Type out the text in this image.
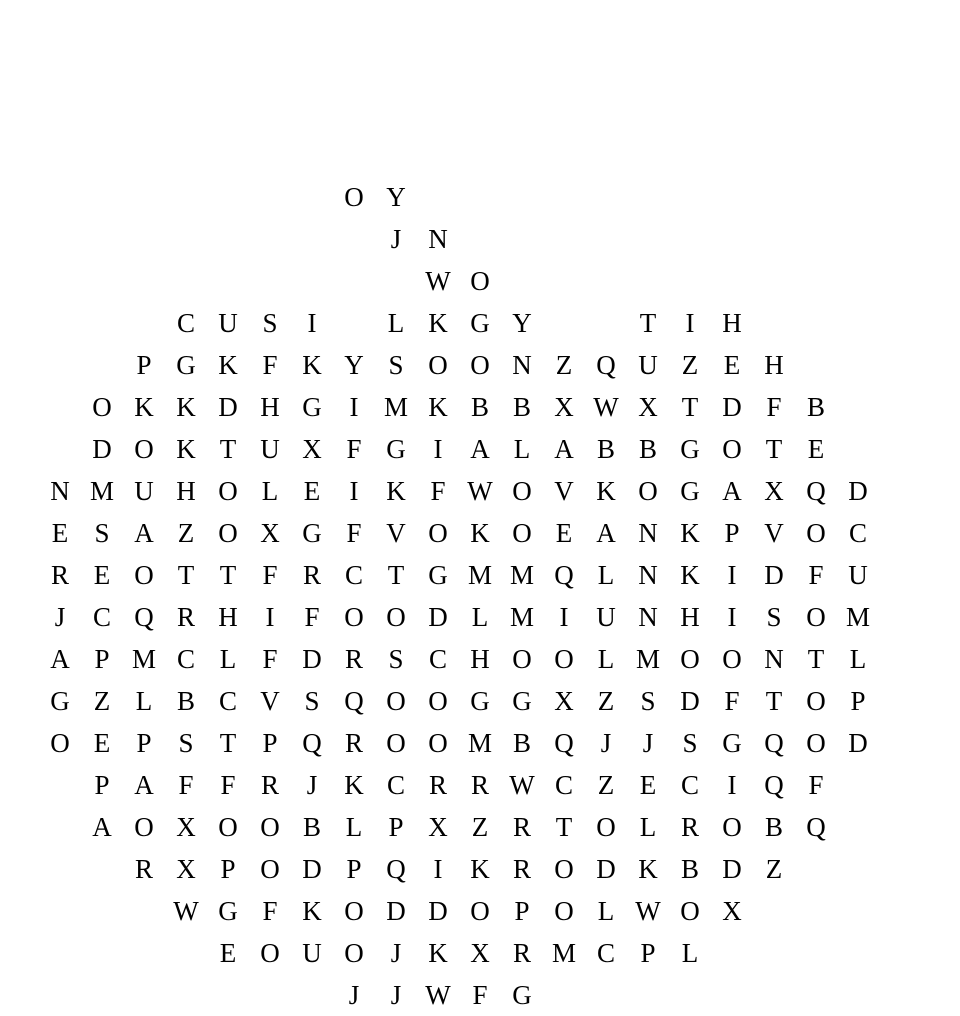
O Y
J	N
W O
C U S	I	L K G Y	T	I	H
P G K F K Y S O O N Z Q U Z E H
O K K D H G	I M K B B X W X T D F B
D O K T U X F G	I	A L A B B G O T E
N M U H O L E	I	K F W O V K O G A X Q D
E S A Z O X G F V O K O E A N K P V O C
R E O T T F R C T G M M Q L N K	I	D F U
J	C Q R H	I	F O O D L M I	U N H	I	S O M
A P M C L F D R S C H O O L M O O N T L
G Z L B C V S Q O O G G X Z S D F T O P
O E P S T P Q R O O M B Q J	J	S G Q O D
P A F F R	J	K C R R W C Z E C	I	Q F
A O X O O B L P X Z R T O L R O B Q
R X P O D P Q	I	K R O D K B D Z
W G F K O D D O P O L W O X
E O U O J	K X R M C P L
J	J W F G
